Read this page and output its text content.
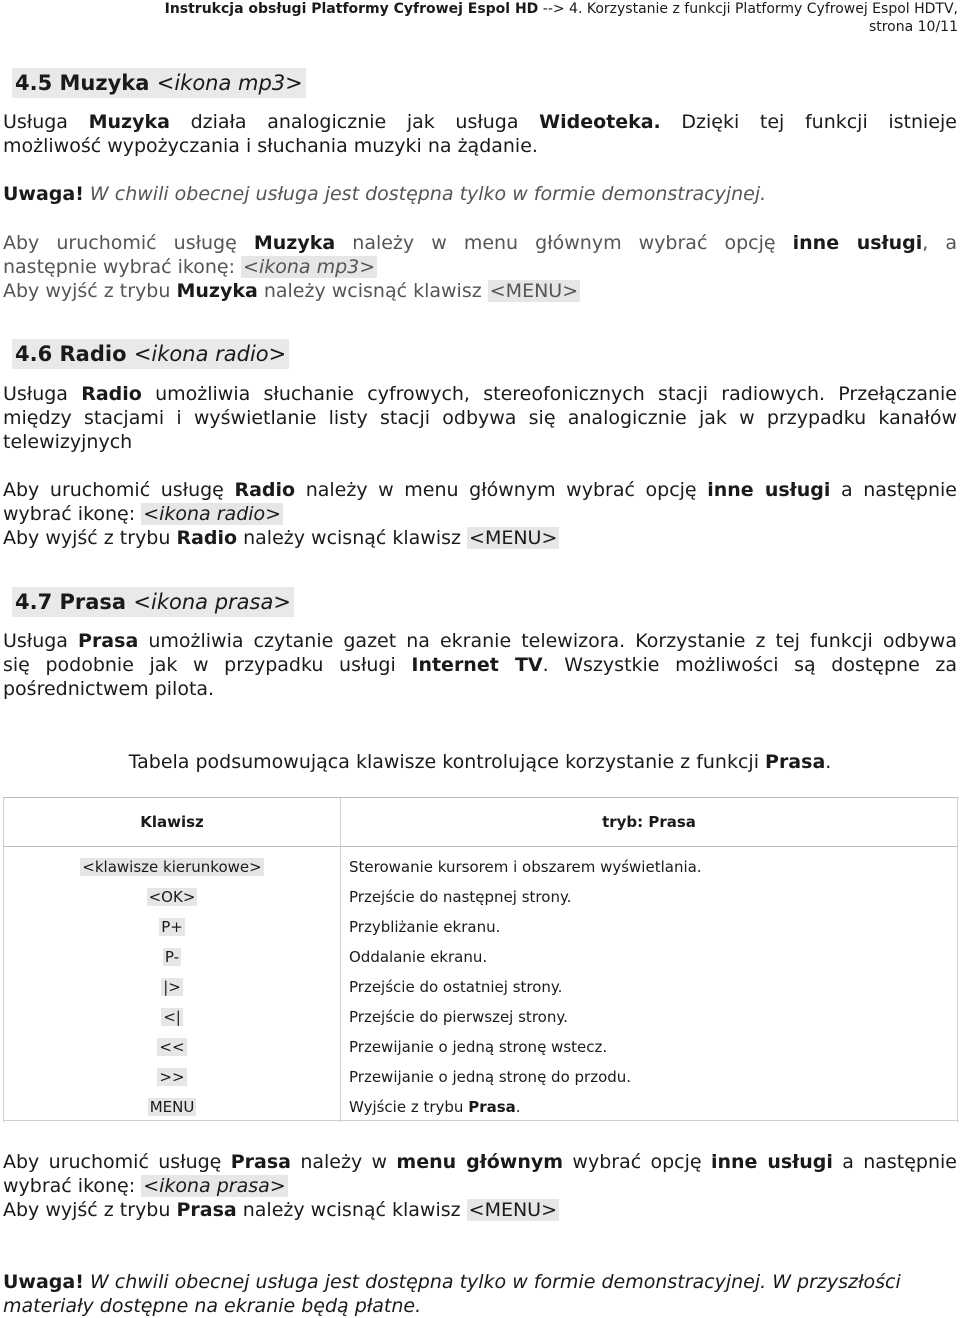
Instrukcja obsługi Platformy Cyfrowej Espol HD --> 4. Korzystanie z funkcji Platformy Cyfrowej Espol HDTV,
strona 10/11
4.5 Muzyka <ikona mp3>
Usługa Muzyka działa analogicznie jak usługa Wideoteka. Dzięki tej funkcji istnieje
możliwość wypożyczania i słuchania muzyki na żądanie.
Uwaga! W chwili obecnej usługa jest dostępna tylko w formie demonstracyjnej.
Aby uruchomić usługę Muzyka należy w menu głównym wybrać opcję inne usługi, a
następnie wybrać ikonę: <ikona mp3>
Aby wyjść z trybu Muzyka należy wcisnąć klawisz <MENU>
4.6 Radio <ikona radio>
Usługa Radio umożliwia słuchanie cyfrowych, stereofonicznych stacji radiowych. Przełączanie
między stacjami i wyświetlanie listy stacji odbywa się analogicznie jak w przypadku kanałów
telewizyjnych
Aby uruchomić usługę Radio należy w menu głównym wybrać opcję inne usługi a następnie
wybrać ikonę: <ikona radio>
Aby wyjść z trybu Radio należy wcisnąć klawisz <MENU>
4.7 Prasa <ikona prasa>
Usługa Prasa umożliwia czytanie gazet na ekranie telewizora. Korzystanie z tej funkcji odbywa
się podobnie jak w przypadku usługi Internet TV. Wszystkie możliwości są dostępne za
pośrednictwem pilota.
Tabela podsumowująca klawisze kontrolujące korzystanie z funkcji Prasa.
Klawisz	tryb: Prasa

<klawisze kierunkowe>	Sterowanie kursorem i obszarem wyświetlania.
<OK>	Przejście do następnej strony.
P+	Przybliżanie ekranu.
P-	Oddalanie ekranu.
|>	Przejście do ostatniej strony.
<|	Przejście do pierwszej strony.
<<	Przewijanie o jedną stronę wstecz.
>>	Przewijanie o jedną stronę do przodu.
MENU	Wyjście z trybu Prasa.
Aby uruchomić usługę Prasa należy w menu głównym wybrać opcję inne usługi a następnie
wybrać ikonę: <ikona prasa>
Aby wyjść z trybu Prasa należy wcisnąć klawisz <MENU>
Uwaga! W chwili obecnej usługa jest dostępna tylko w formie demonstracyjnej. W przyszłości
materiały dostępne na ekranie będą płatne.
